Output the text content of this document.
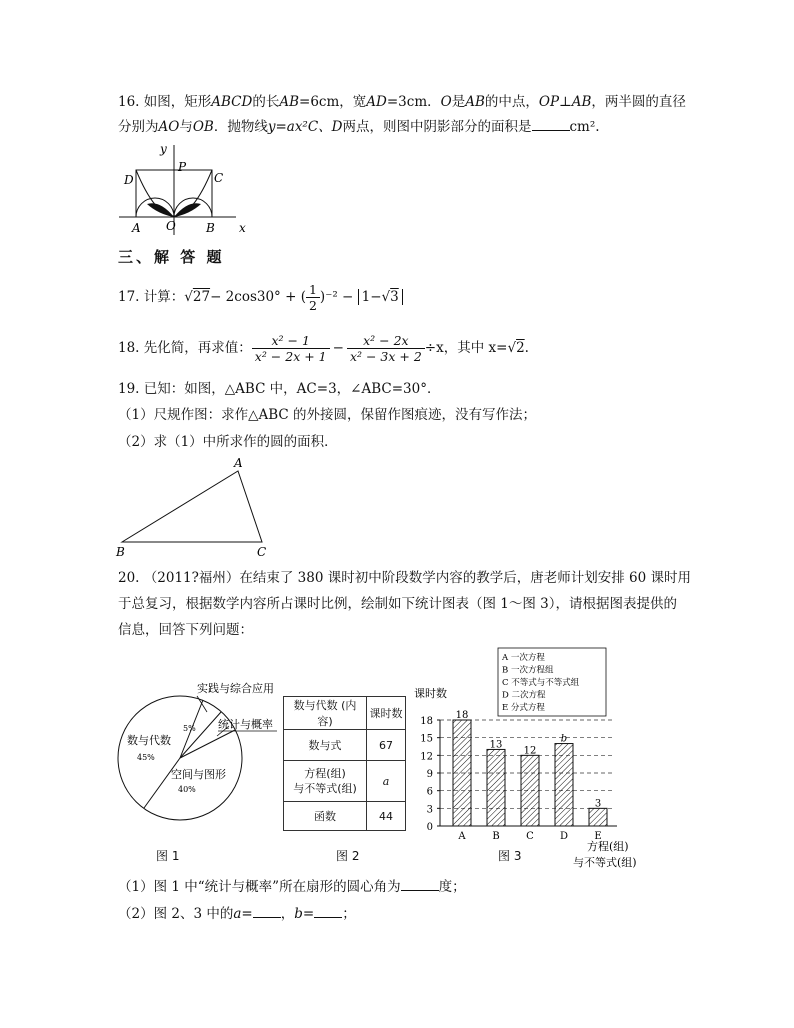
16. 如图，矩形ABCD的长AB=6cm，宽AD=3cm．O是AB的中点，OP⊥AB，两半圆的直径
分别为AO与OB．抛物线y=ax²C、D两点，则图中阴影部分的面积是	cm².
y
P
D	C
A O	B x
三、解 答 题
17. 计算：√27− 2cos30° + ( $\frac{1}{2} )^{-2} - 1-√3$
18. 先化简，再求值： $\frac{\text{x² − 1}}{\text{x² − 2x + 1}} - \frac{\text{x² − 2x}}{\text{x² − 3x + 2}} \div x$，其中 x=√2.
19. 已知：如图，△ABC 中，AC=3，∠ABC=30°．
（1）尺规作图：求作△ABC 的外接圆，保留作图痕迹，没有写作法；
（2）求（1）中所求作的圆的面积．
A
B	C
20. （2011?福州）在结束了 380 课时初中阶段数学内容的教学后，唐老师计划安排 60 课时用
于总复习，根据数学内容所占课时比例，绘制如下统计图表（图 1～图 3），请根据图表提供的
信息，回答下列问题：
实践与综合应用
5% 统计与概率
数与代数
45%
空间与图形
40%
图 1
数与代数 (内容)	课时数
数与式	67
方程(组)
与不等式(组)	a
函数	44
图 2
A 一次方程
B 一次方程组
C 不等式与不等式组
D 二次方程
E 分式方程
课时数
18
A
13
B
12
C
b
D
3
E
0
3
6
9
12
15
18
方程(组)
与不等式(组)
图 3
（1）图 1 中“统计与概率”所在扇形的圆心角为	度；
（2）图 2、3 中的a= ，b= ；
